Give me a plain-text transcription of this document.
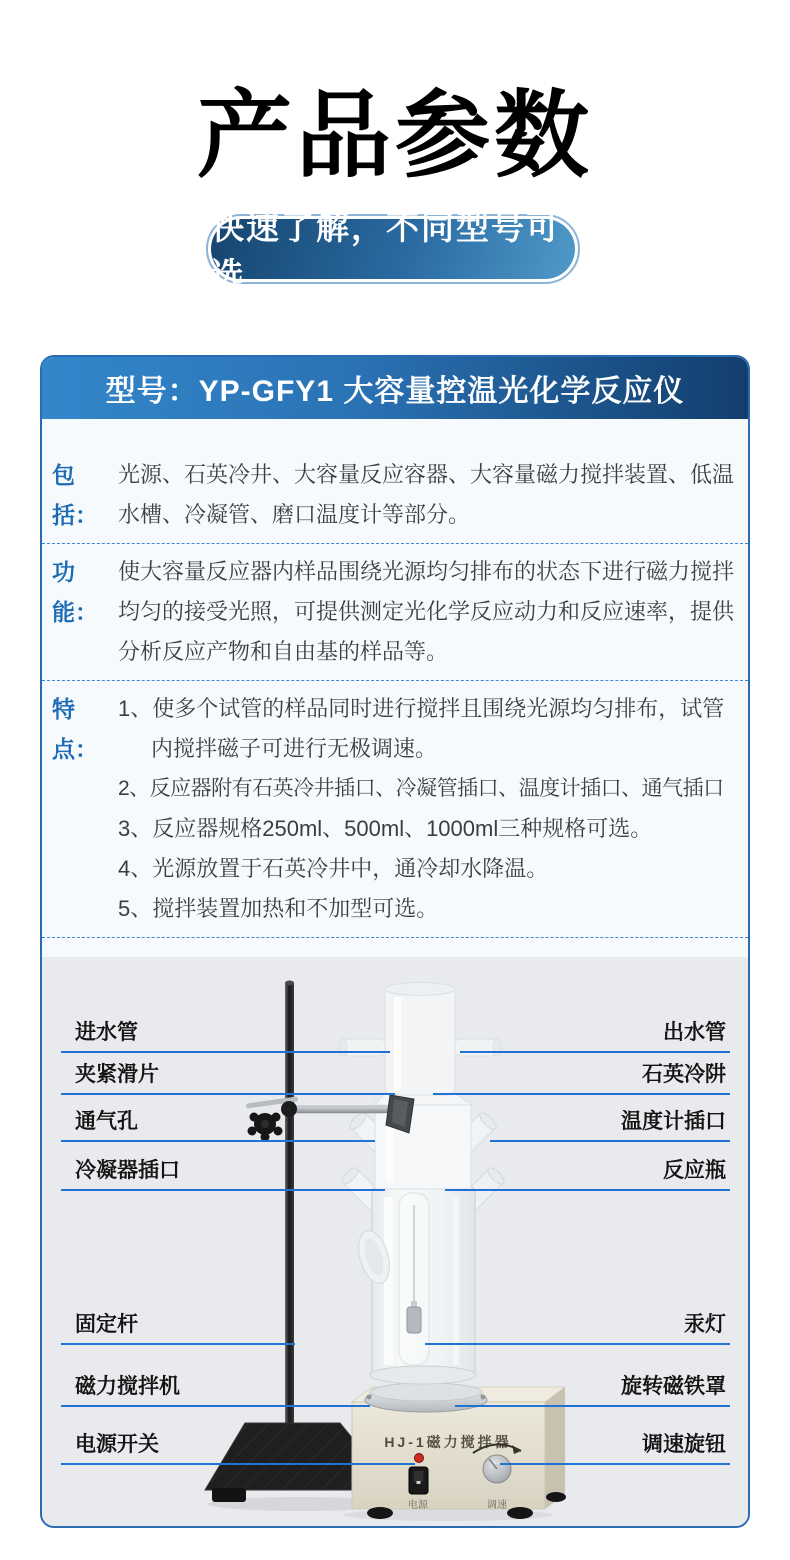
产品参数
快速了解，不同型号可选
型号：YP-GFY1 大容量控温光化学反应仪
包括：
光源、石英冷井、大容量反应容器、大容量磁力搅拌装置、低温
水槽、冷凝管、磨口温度计等部分。
功能：
使大容量反应器内样品围绕光源均匀排布的状态下进行磁力搅拌
均匀的接受光照，可提供测定光化学反应动力和反应速率，提供
分析反应产物和自由基的样品等。
特点：
1、使多个试管的样品同时进行搅拌且围绕光源均匀排布，试管
内搅拌磁子可进行无极调速。
2、反应器附有石英冷井插口、冷凝管插口、温度计插口、通气插口
3、反应器规格250ml、500ml、1000ml三种规格可选。
4、光源放置于石英冷井中，通冷却水降温。
5、搅拌装置加热和不加型可选。
HJ-1磁力搅拌器
电源	调速
进水管
夹紧滑片
通气孔
冷凝器插口
固定杆
磁力搅拌机
电源开关
出水管
石英冷阱
温度计插口
反应瓶
汞灯
旋转磁铁罩
调速旋钮
